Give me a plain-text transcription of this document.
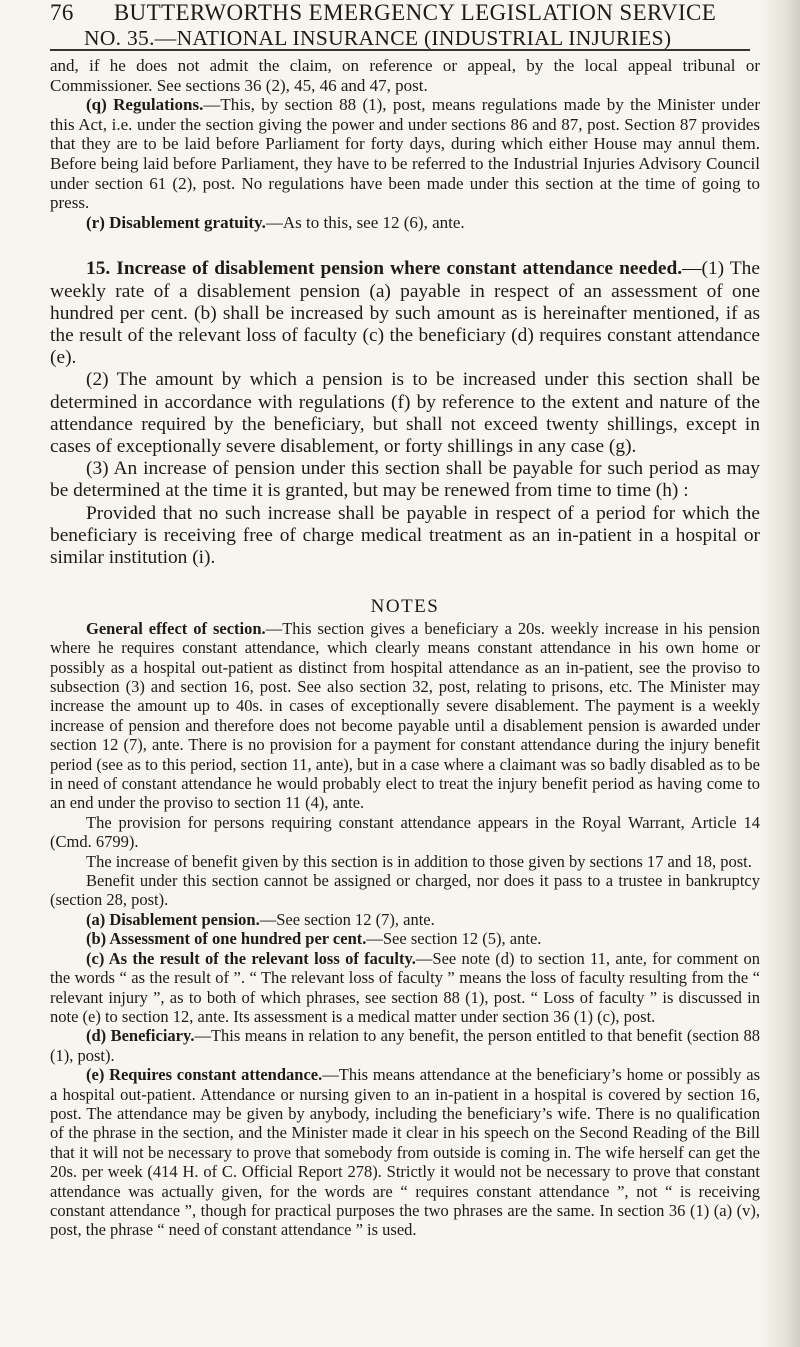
76 BUTTERWORTHS EMERGENCY LEGISLATION SERVICE
NO. 35.—NATIONAL INSURANCE (INDUSTRIAL INJURIES)

and, if he does not admit the claim, on reference or appeal, by the local appeal tribunal or Commissioner. See sections 36 (2), 45, 46 and 47, post.

(q) Regulations.—This, by section 88 (1), post, means regulations made by the Minister under this Act, i.e. under the section giving the power and under sections 86 and 87, post. Section 87 provides that they are to be laid before Parliament for forty days, during which either House may annul them. Before being laid before Parliament, they have to be referred to the Industrial Injuries Advisory Council under section 61 (2), post. No regulations have been made under this section at the time of going to press.

(r) Disablement gratuity.—As to this, see 12 (6), ante.

15. Increase of disablement pension where constant attendance needed.—(1) The weekly rate of a disablement pension (a) payable in respect of an assessment of one hundred per cent. (b) shall be increased by such amount as is hereinafter mentioned, if as the result of the relevant loss of faculty (c) the beneficiary (d) requires constant attendance (e).

(2) The amount by which a pension is to be increased under this section shall be determined in accordance with regulations (f) by reference to the extent and nature of the attendance required by the beneficiary, but shall not exceed twenty shillings, except in cases of exceptionally severe disablement, or forty shillings in any case (g).

(3) An increase of pension under this section shall be payable for such period as may be determined at the time it is granted, but may be renewed from time to time (h) :

Provided that no such increase shall be payable in respect of a period for which the beneficiary is receiving free of charge medical treatment as an in-patient in a hospital or similar institution (i).

NOTES

General effect of section.—This section gives a beneficiary a 20s. weekly increase in his pension where he requires constant attendance, which clearly means constant attendance in his own home or possibly as a hospital out-patient as distinct from hospital attendance as an in-patient, see the proviso to subsection (3) and section 16, post. See also section 32, post, relating to prisons, etc. The Minister may increase the amount up to 40s. in cases of exceptionally severe disablement. The payment is a weekly increase of pension and therefore does not become payable until a disablement pension is awarded under section 12 (7), ante. There is no provision for a payment for constant attendance during the injury benefit period (see as to this period, section 11, ante), but in a case where a claimant was so badly disabled as to be in need of constant attendance he would probably elect to treat the injury benefit period as having come to an end under the proviso to section 11 (4), ante.

The provision for persons requiring constant attendance appears in the Royal Warrant, Article 14 (Cmd. 6799).

The increase of benefit given by this section is in addition to those given by sections 17 and 18, post.

Benefit under this section cannot be assigned or charged, nor does it pass to a trustee in bankruptcy (section 28, post).

(a) Disablement pension.—See section 12 (7), ante.

(b) Assessment of one hundred per cent.—See section 12 (5), ante.

(c) As the result of the relevant loss of faculty.—See note (d) to section 11, ante, for comment on the words “ as the result of ”. “ The relevant loss of faculty ” means the loss of faculty resulting from the “ relevant injury ”, as to both of which phrases, see section 88 (1), post. “ Loss of faculty ” is discussed in note (e) to section 12, ante. Its assessment is a medical matter under section 36 (1) (c), post.

(d) Beneficiary.—This means in relation to any benefit, the person entitled to that benefit (section 88 (1), post).

(e) Requires constant attendance.—This means attendance at the beneficiary’s home or possibly as a hospital out-patient. Attendance or nursing given to an in-patient in a hospital is covered by section 16, post. The attendance may be given by anybody, including the beneficiary’s wife. There is no qualification of the phrase in the section, and the Minister made it clear in his speech on the Second Reading of the Bill that it will not be necessary to prove that somebody from outside is coming in. The wife herself can get the 20s. per week (414 H. of C. Official Report 278). Strictly it would not be necessary to prove that constant attendance was actually given, for the words are “ requires constant attendance ”, not “ is receiving constant attendance ”, though for practical purposes the two phrases are the same. In section 36 (1) (a) (v), post, the phrase “ need of constant attendance ” is used.
